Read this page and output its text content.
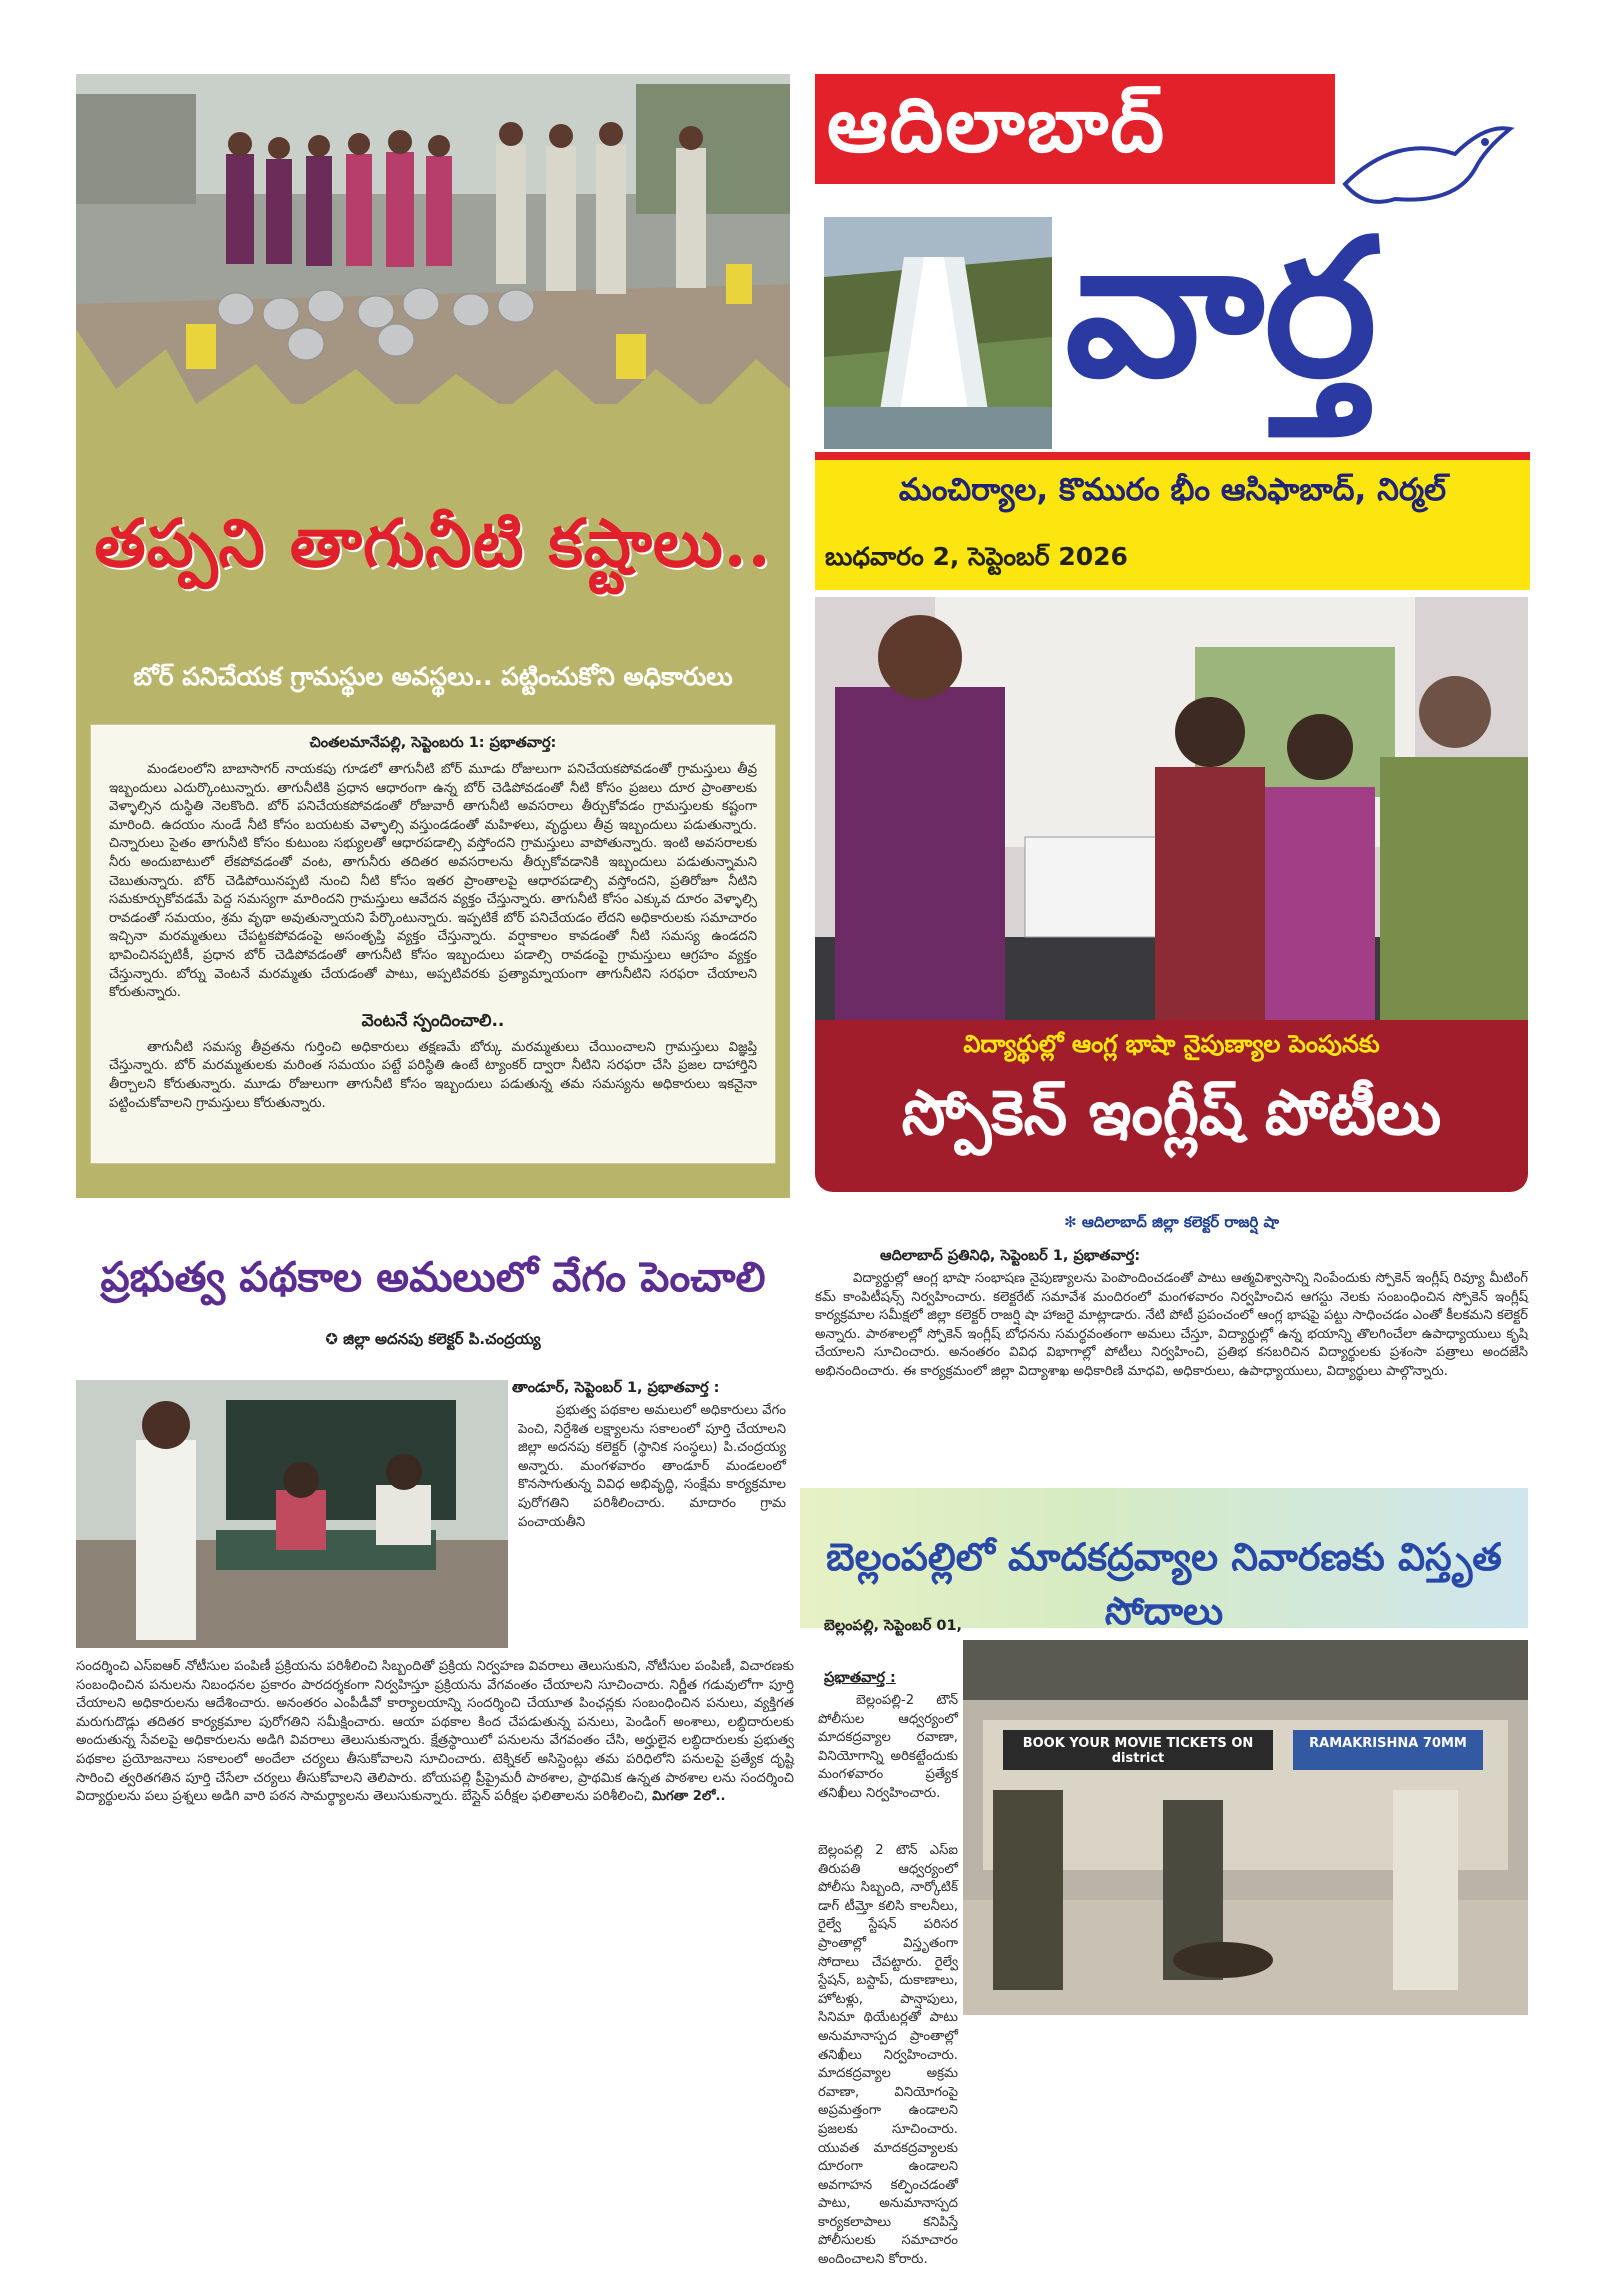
తప్పని తాగునీటి కష్టాలు..
బోర్ పనిచేయక గ్రామస్థుల అవస్థలు.. పట్టించుకోని అధికారులు
చింతలమానేపల్లి, సెప్టెంబరు 1: ప్రభాతవార్త:

మండలంలోని బాబాసాగర్ నాయకపు గూడలో తాగునీటి బోర్ మూడు రోజులుగా పనిచేయకపోవడంతో గ్రామస్తులు తీవ్ర ఇబ్బందులు ఎదుర్కొంటున్నారు. తాగునీటికి ప్రధాన ఆధారంగా ఉన్న బోర్ చెడిపోవడంతో నీటి కోసం ప్రజలు దూర ప్రాంతాలకు వెళ్ళాల్సిన దుస్థితి నెలకొంది. బోర్ పనిచేయకపోవడంతో రోజువారీ తాగునీటి అవసరాలు తీర్చుకోవడం గ్రామస్తులకు కష్టంగా మారింది. ఉదయం నుండే నీటి కోసం బయటకు వెళ్ళాల్సి వస్తుండడంతో మహిళలు, వృద్ధులు తీవ్ర ఇబ్బందులు పడుతున్నారు. చిన్నారులు సైతం తాగునీటి కోసం కుటుంబ సభ్యులతో ఆధారపడాల్సి వస్తోందని గ్రామస్తులు వాపోతున్నారు. ఇంటి అవసరాలకు నీరు అందుబాటులో లేకపోవడంతో వంట, తాగునీరు తదితర అవసరాలను తీర్చుకోవడానికి ఇబ్బందులు పడుతున్నామని చెబుతున్నారు. బోర్ చెడిపోయినప్పటి నుంచి నీటి కోసం ఇతర ప్రాంతాలపై ఆధారపడాల్సి వస్తోందని, ప్రతిరోజూ నీటిని సమకూర్చుకోవడమే పెద్ద సమస్యగా మారిందని గ్రామస్తులు ఆవేదన వ్యక్తం చేస్తున్నారు. తాగునీటి కోసం ఎక్కువ దూరం వెళ్ళాల్సి రావడంతో సమయం, శ్రమ వృథా అవుతున్నాయని పేర్కొంటున్నారు. ఇప్పటికే బోర్ పనిచేయడం లేదని అధికారులకు సమాచారం ఇచ్చినా మరమ్మతులు చేపట్టకపోవడంపై అసంతృప్తి వ్యక్తం చేస్తున్నారు. వర్షాకాలం కావడంతో నీటి సమస్య ఉండదని భావించినప్పటికీ, ప్రధాన బోర్ చెడిపోవడంతో తాగునీటి కోసం ఇబ్బందులు పడాల్సి రావడంపై గ్రామస్తులు ఆగ్రహం వ్యక్తం చేస్తున్నారు. బోర్ను వెంటనే మరమ్మతు చేయడంతో పాటు, అప్పటివరకు ప్రత్యామ్నాయంగా తాగునీటిని సరఫరా చేయాలని కోరుతున్నారు.

వెంటనే స్పందించాలి..

తాగునీటి సమస్య తీవ్రతను గుర్తించి అధికారులు తక్షణమే బోర్కు మరమ్మతులు చేయించాలని గ్రామస్తులు విజ్ఞప్తి చేస్తున్నారు. బోర్ మరమ్మతులకు మరింత సమయం పట్టే పరిస్థితి ఉంటే ట్యాంకర్ ద్వారా నీటిని సరఫరా చేసి ప్రజల దాహార్తిని తీర్చాలని కోరుతున్నారు. మూడు రోజులుగా తాగునీటి కోసం ఇబ్బందులు పడుతున్న తమ సమస్యను అధికారులు ఇకనైనా పట్టించుకోవాలని గ్రామస్తులు కోరుతున్నారు.

ఆదిలాబాద్
వార్త
మంచిర్యాల, కొమురం భీం ఆసిఫాబాద్, నిర్మల్
బుధవారం 2, సెప్టెంబర్ 2026
విద్యార్థుల్లో ఆంగ్ల భాషా నైపుణ్యాల పెంపునకు
స్పోకెన్ ఇంగ్లీష్ పోటీలు
✻ ఆదిలాబాద్ జిల్లా కలెక్టర్ రాజర్షి షా
ఆదిలాబాద్ ప్రతినిధి, సెప్టెంబర్ 1, ప్రభాతవార్త:

విద్యార్థుల్లో ఆంగ్ల భాషా సంభాషణ నైపుణ్యాలను పెంపొందించడంతో పాటు ఆత్మవిశ్వాసాన్ని నింపేందుకు స్పోకెన్ ఇంగ్లీష్ రివ్యూ మీటింగ్ కమ్ కాంపిటీషన్స్ నిర్వహించారు. కలెక్టరేట్ సమావేశ మందిరంలో మంగళవారం నిర్వహించిన ఆగస్టు నెలకు సంబంధించిన స్పోకెన్ ఇంగ్లీష్ కార్యక్రమాల సమీక్షలో జిల్లా కలెక్టర్ రాజర్షి షా హాజరై మాట్లాడారు. నేటి పోటీ ప్రపంచంలో ఆంగ్ల భాషపై పట్టు సాధించడం ఎంతో కీలకమని కలెక్టర్ అన్నారు. పాఠశాలల్లో స్పోకెన్ ఇంగ్లీష్ బోధనను సమర్థవంతంగా అమలు చేస్తూ, విద్యార్థుల్లో ఉన్న భయాన్ని తొలగించేలా ఉపాధ్యాయులు కృషి చేయాలని సూచించారు. అనంతరం వివిధ విభాగాల్లో పోటీలు నిర్వహించి, ప్రతిభ కనబరిచిన విద్యార్థులకు ప్రశంసా పత్రాలు అందజేసి అభినందించారు. ఈ కార్యక్రమంలో జిల్లా విద్యాశాఖ అధికారిణి మాధవి, అధికారులు, ఉపాధ్యాయులు, విద్యార్థులు పాల్గొన్నారు.

ప్రభుత్వ పథకాల అమలులో వేగం పెంచాలి
✪ జిల్లా అదనపు కలెక్టర్ పి.చంద్రయ్య
తాండూర్, సెప్టెంబర్ 1, ప్రభాతవార్త :

ప్రభుత్వ పథకాల అమలులో అధికారులు వేగం పెంచి, నిర్దేశిత లక్ష్యాలను సకాలంలో పూర్తి చేయాలని జిల్లా అదనపు కలెక్టర్ (స్థానిక సంస్థలు) పి.చంద్రయ్య అన్నారు. మంగళవారం తాండూర్ మండలంలో కొనసాగుతున్న వివిధ అభివృద్ధి, సంక్షేమ కార్యక్రమాల పురోగతిని పరిశీలించారు. మాదారం గ్రామ పంచాయతీని

సందర్శించి ఎస్ఐఆర్ నోటీసుల పంపిణీ ప్రక్రియను పరిశీలించి సిబ్బందితో ప్రక్రియ నిర్వహణ వివరాలు తెలుసుకుని, నోటీసుల పంపిణీ, విచారణకు సంబంధించిన పనులను నిబంధనల ప్రకారం పారదర్శకంగా నిర్వహిస్తూ ప్రక్రియను వేగవంతం చేయాలని సూచించారు. నిర్ణీత గడువులోగా పూర్తి చేయాలని అధికారులను ఆదేశించారు. అనంతరం ఎంపీడీవో కార్యాలయాన్ని సందర్శించి చేయూత పింఛన్లకు సంబంధించిన పనులు, వ్యక్తిగత మరుగుదొడ్లు తదితర కార్యక్రమాల పురోగతిని సమీక్షించారు. ఆయా పథకాల కింద చేపడుతున్న పనులు, పెండింగ్ అంశాలు, లబ్ధిదారులకు అందుతున్న సేవలపై అధికారులను అడిగి వివరాలు తెలుసుకున్నారు. క్షేత్రస్థాయిలో పనులను వేగవంతం చేసి, అర్హులైన లబ్ధిదారులకు ప్రభుత్వ పథకాల ప్రయోజనాలు సకాలంలో అందేలా చర్యలు తీసుకోవాలని సూచించారు. టెక్నికల్ అసిస్టెంట్లు తమ పరిధిలోని పనులపై ప్రత్యేక దృష్టి సారించి త్వరితగతిన పూర్తి చేసేలా చర్యలు తీసుకోవాలని తెలిపారు. బోయపల్లి ప్రీప్రైమరీ పాఠశాల, ప్రాథమిక ఉన్నత పాఠశాల లను సందర్శించి విద్యార్థులను పలు ప్రశ్నలు అడిగి వారి పఠన సామర్థ్యాలను తెలుసుకున్నారు. బేస్లైన్ పరీక్షల ఫలితాలను పరిశీలించి, మిగతా 2లో..
బెల్లంపల్లిలో మాదకద్రవ్యాల నివారణకు విస్తృత సోదాలు
బెల్లంపల్లి, సెప్టెంబర్ 01,
ప్రభాతవార్త :
BOOK YOUR MOVIE TICKETS ON district
RAMAKRISHNA 70MM

బెల్లంపల్లి-2 టౌన్ పోలీసుల ఆధ్వర్యంలో మాదకద్రవ్యాల రవాణా, వినియోగాన్ని అరికట్టేందుకు మంగళవారం ప్రత్యేక తనిఖీలు నిర్వహించారు.

బెల్లంపల్లి 2 టౌన్ ఎస్ఐ తిరుపతి ఆధ్వర్యంలో పోలీసు సిబ్బంది, నార్కోటిక్ డాగ్ టీమ్తో కలిసి కాలనీలు, రైల్వే స్టేషన్ పరిసర ప్రాంతాల్లో విస్తృతంగా సోదాలు చేపట్టారు. రైల్వే స్టేషన్, బస్టాప్, దుకాణాలు, హోటళ్లు, పాన్షాపులు, సినిమా థియేటర్లతో పాటు అనుమానాస్పద ప్రాంతాల్లో తనిఖీలు నిర్వహించారు. మాదకద్రవ్యాల అక్రమ రవాణా, వినియోగంపై అప్రమత్తంగా ఉండాలని ప్రజలకు సూచించారు. యువత మాదకద్రవ్యాలకు దూరంగా ఉండాలని అవగాహన కల్పించడంతో పాటు, అనుమానాస్పద కార్యకలాపాలు కనిపిస్తే పోలీసులకు సమాచారం అందించాలని కోరారు.
